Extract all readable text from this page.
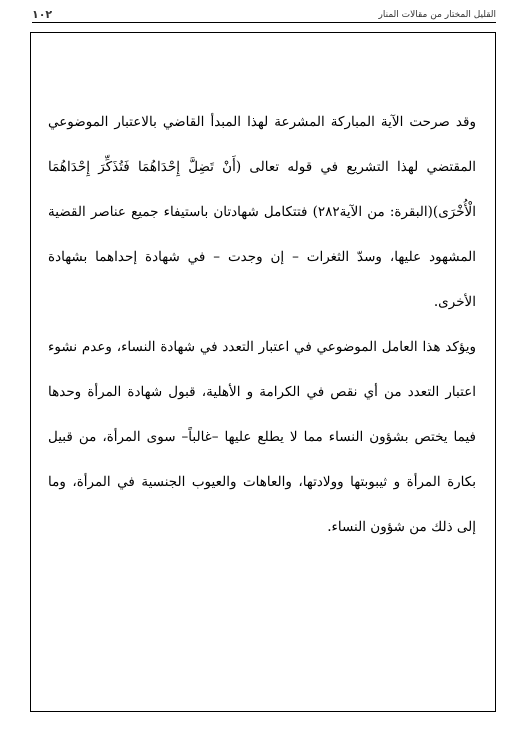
القليل المختار من مقالات المنار
١٠٢

وقد صرحت الآية المباركة المشرعة لهذا المبدأ القاضي بالاعتبار الموضوعي المقتضي لهذا التشريع في قوله تعالى (أَنْ تَضِلَّ إِحْدَاهُمَا فَتُذَكِّرَ إِحْدَاهُمَا الْأُخْرَى)(البقرة: من الآية٢٨٢) فتتكامل شهادتان باستيفاء جميع عناصر القضية المشهود عليها، وسدّ الثغرات – إن وجدت – في شهادة إحداهما بشهادة الأخرى.

ويؤكد هذا العامل الموضوعي في اعتبار التعدد في شهادة النساء، وعدم نشوء اعتبار التعدد من أي نقص في الكرامة و الأهلية، قبول شهادة المرأة وحدها فيما يختص بشؤون النساء مما لا يطلع عليها –غالباً– سوى المرأة، من قبيل بكارة المرأة و ثيبوبتها وولادتها، والعاهات والعيوب الجنسية في المرأة، وما إلى ذلك من شؤون النساء.
